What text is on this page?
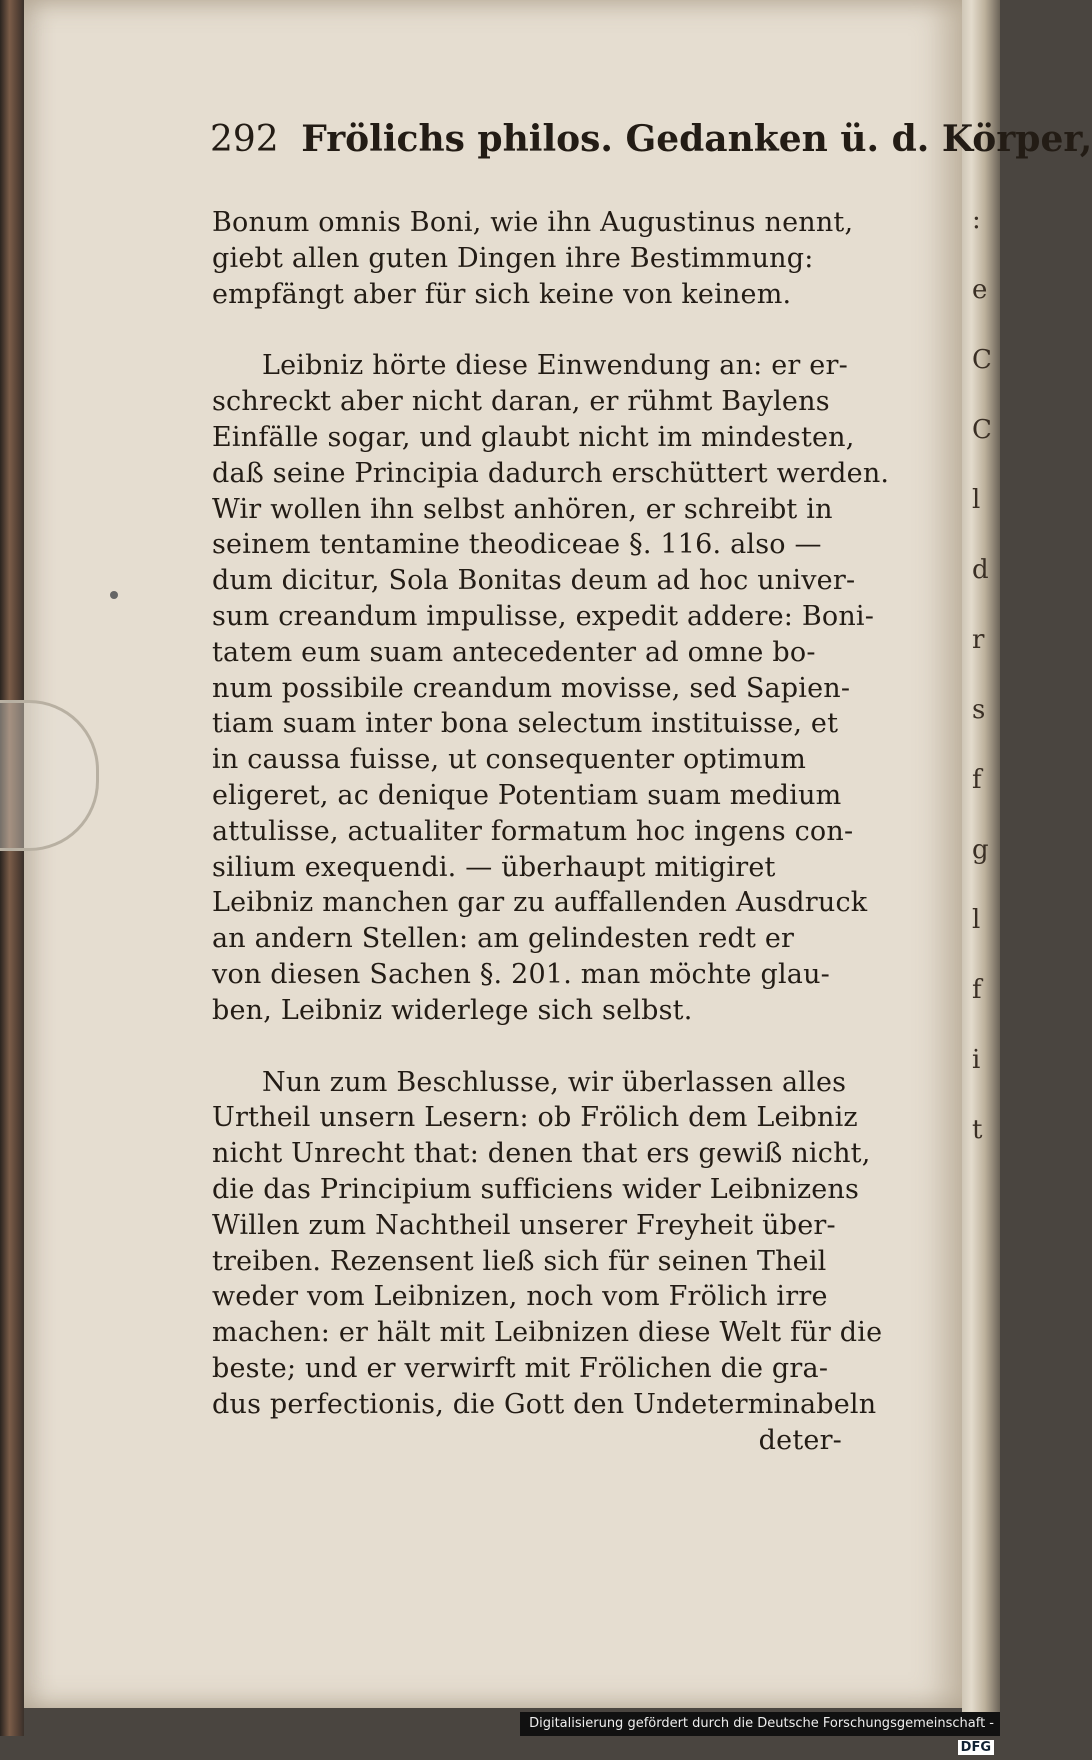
:
e
C
C
l
d
r
s
f
g
l
f
i
t
292 Frölichs philos. Gedanken ü. d. Körper,
Bonum omnis Boni, wie ihn Augustinus nennt,
giebt allen guten Dingen ihre Bestimmung:
empfängt aber für sich keine von keinem.
Leibniz hörte diese Einwendung an: er er-
schreckt aber nicht daran, er rühmt Baylens
Einfälle sogar, und glaubt nicht im mindesten,
daß seine Principia dadurch erschüttert werden.
Wir wollen ihn selbst anhören, er schreibt in
seinem tentamine theodiceae §. 116. also —
dum dicitur, Sola Bonitas deum ad hoc univer-
sum creandum impulisse, expedit addere: Boni-
tatem eum suam antecedenter ad omne bo-
num possibile creandum movisse, sed Sapien-
tiam suam inter bona selectum instituisse, et
in caussa fuisse, ut consequenter optimum
eligeret, ac denique Potentiam suam medium
attulisse, actualiter formatum hoc ingens con-
silium exequendi. — überhaupt mitigiret
Leibniz manchen gar zu auffallenden Ausdruck
an andern Stellen: am gelindesten redt er
von diesen Sachen §. 201. man möchte glau-
ben, Leibniz widerlege sich selbst.
Nun zum Beschlusse, wir überlassen alles
Urtheil unsern Lesern: ob Frölich dem Leibniz
nicht Unrecht that: denen that ers gewiß nicht,
die das Principium sufficiens wider Leibnizens
Willen zum Nachtheil unserer Freyheit über-
treiben. Rezensent ließ sich für seinen Theil
weder vom Leibnizen, noch vom Frölich irre
machen: er hält mit Leibnizen diese Welt für die
beste; und er verwirft mit Frölichen die gra-
dus perfectionis, die Gott den Undeterminabeln
deter-
Digitalisierung gefördert durch die Deutsche Forschungsgemeinschaft - DFG
